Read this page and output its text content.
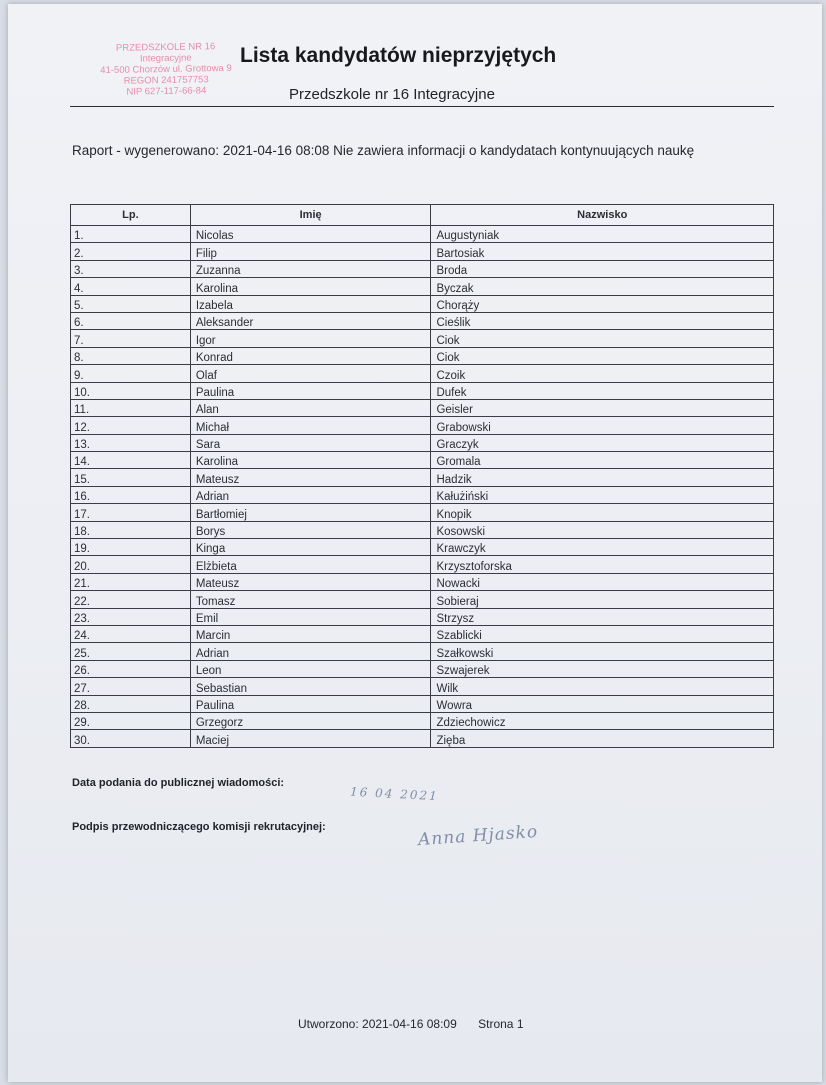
PRZEDSZKOLE NR 16
Integracyjne
41-500 Chorzów ul. Grottowa 9
REGON 241757753
NIP 627-117-66-84
Lista kandydatów nieprzyjętych
Przedszkole nr 16 Integracyjne
Raport - wygenerowano: 2021-04-16 08:08 Nie zawiera informacji o kandydatach kontynuujących naukę
Lp.	Imię	Nazwisko
1.	Nicolas	Augustyniak
2.	Filip	Bartosiak
3.	Zuzanna	Broda
4.	Karolina	Byczak
5.	Izabela	Chorąży
6.	Aleksander	Cieślik
7.	Igor	Ciok
8.	Konrad	Ciok
9.	Olaf	Czoik
10.	Paulina	Dufek
11.	Alan	Geisler
12.	Michał	Grabowski
13.	Sara	Graczyk
14.	Karolina	Gromala
15.	Mateusz	Hadzik
16.	Adrian	Kałużiński
17.	Bartłomiej	Knopik
18.	Borys	Kosowski
19.	Kinga	Krawczyk
20.	Elżbieta	Krzysztoforska
21.	Mateusz	Nowacki
22.	Tomasz	Sobieraj
23.	Emil	Strzysz
24.	Marcin	Szablicki
25.	Adrian	Szałkowski
26.	Leon	Szwajerek
27.	Sebastian	Wilk
28.	Paulina	Wowra
29.	Grzegorz	Zdziechowicz
30.	Maciej	Zięba
Data podania do publicznej wiadomości:
16 04 2021
Podpis przewodniczącego komisji rekrutacyjnej:	Anna Hjasko
Utworzono: 2021-04-16 08:09 Strona 1
